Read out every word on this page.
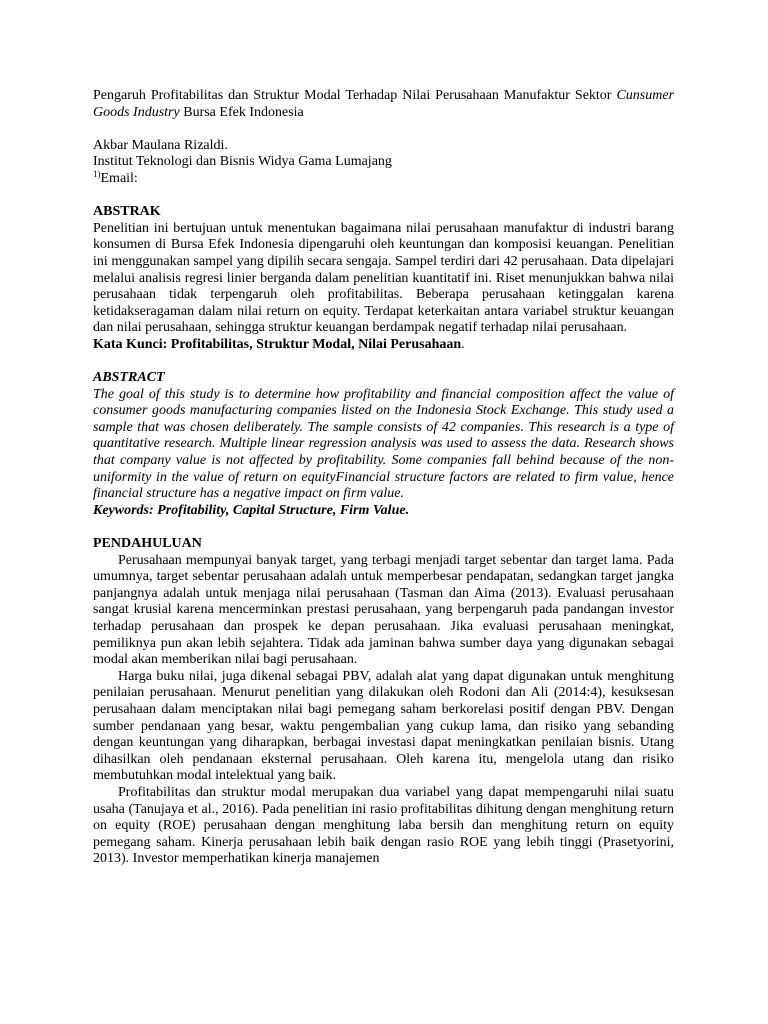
Pengaruh Profitabilitas dan Struktur Modal Terhadap Nilai Perusahaan Manufaktur Sektor Cunsumer Goods Industry Bursa Efek Indonesia

Akbar Maulana Rizaldi.

Institut Teknologi dan Bisnis Widya Gama Lumajang

$^{1)}$Email:

ABSTRAK

Penelitian ini bertujuan untuk menentukan bagaimana nilai perusahaan manufaktur di industri barang konsumen di Bursa Efek Indonesia dipengaruhi oleh keuntungan dan komposisi keuangan. Penelitian ini menggunakan sampel yang dipilih secara sengaja. Sampel terdiri dari 42 perusahaan. Data dipelajari melalui analisis regresi linier berganda dalam penelitian kuantitatif ini. Riset menunjukkan bahwa nilai perusahaan tidak terpengaruh oleh profitabilitas. Beberapa perusahaan ketinggalan karena ketidakseragaman dalam nilai return on equity. Terdapat keterkaitan antara variabel struktur keuangan dan nilai perusahaan, sehingga struktur keuangan berdampak negatif terhadap nilai perusahaan.

Kata Kunci: Profitabilitas, Struktur Modal, Nilai Perusahaan.

ABSTRACT

The goal of this study is to determine how profitability and financial composition affect the value of consumer goods manufacturing companies listed on the Indonesia Stock Exchange. This study used a sample that was chosen deliberately. The sample consists of 42 companies. This research is a type of quantitative research. Multiple linear regression analysis was used to assess the data. Research shows that company value is not affected by profitability. Some companies fall behind because of the non-uniformity in the value of return on equityFinancial structure factors are related to firm value, hence financial structure has a negative impact on firm value.

Keywords: Profitability, Capital Structure, Firm Value.

PENDAHULUAN

Perusahaan mempunyai banyak target, yang terbagi menjadi target sebentar dan target lama. Pada umumnya, target sebentar perusahaan adalah untuk memperbesar pendapatan, sedangkan target jangka panjangnya adalah untuk menjaga nilai perusahaan (Tasman dan Aima (2013). Evaluasi perusahaan sangat krusial karena mencerminkan prestasi perusahaan, yang berpengaruh pada pandangan investor terhadap perusahaan dan prospek ke depan perusahaan. Jika evaluasi perusahaan meningkat, pemiliknya pun akan lebih sejahtera. Tidak ada jaminan bahwa sumber daya yang digunakan sebagai modal akan memberikan nilai bagi perusahaan.

Harga buku nilai, juga dikenal sebagai PBV, adalah alat yang dapat digunakan untuk menghitung penilaian perusahaan. Menurut penelitian yang dilakukan oleh Rodoni dan Ali (2014:4), kesuksesan perusahaan dalam menciptakan nilai bagi pemegang saham berkorelasi positif dengan PBV. Dengan sumber pendanaan yang besar, waktu pengembalian yang cukup lama, dan risiko yang sebanding dengan keuntungan yang diharapkan, berbagai investasi dapat meningkatkan penilaian bisnis. Utang dihasilkan oleh pendanaan eksternal perusahaan. Oleh karena itu, mengelola utang dan risiko membutuhkan modal intelektual yang baik.

Profitabilitas dan struktur modal merupakan dua variabel yang dapat mempengaruhi nilai suatu usaha (Tanujaya et al., 2016). Pada penelitian ini rasio profitabilitas dihitung dengan menghitung return on equity (ROE) perusahaan dengan menghitung laba bersih dan menghitung return on equity pemegang saham. Kinerja perusahaan lebih baik dengan rasio ROE yang lebih tinggi (Prasetyorini, 2013). Investor memperhatikan kinerja manajemen
